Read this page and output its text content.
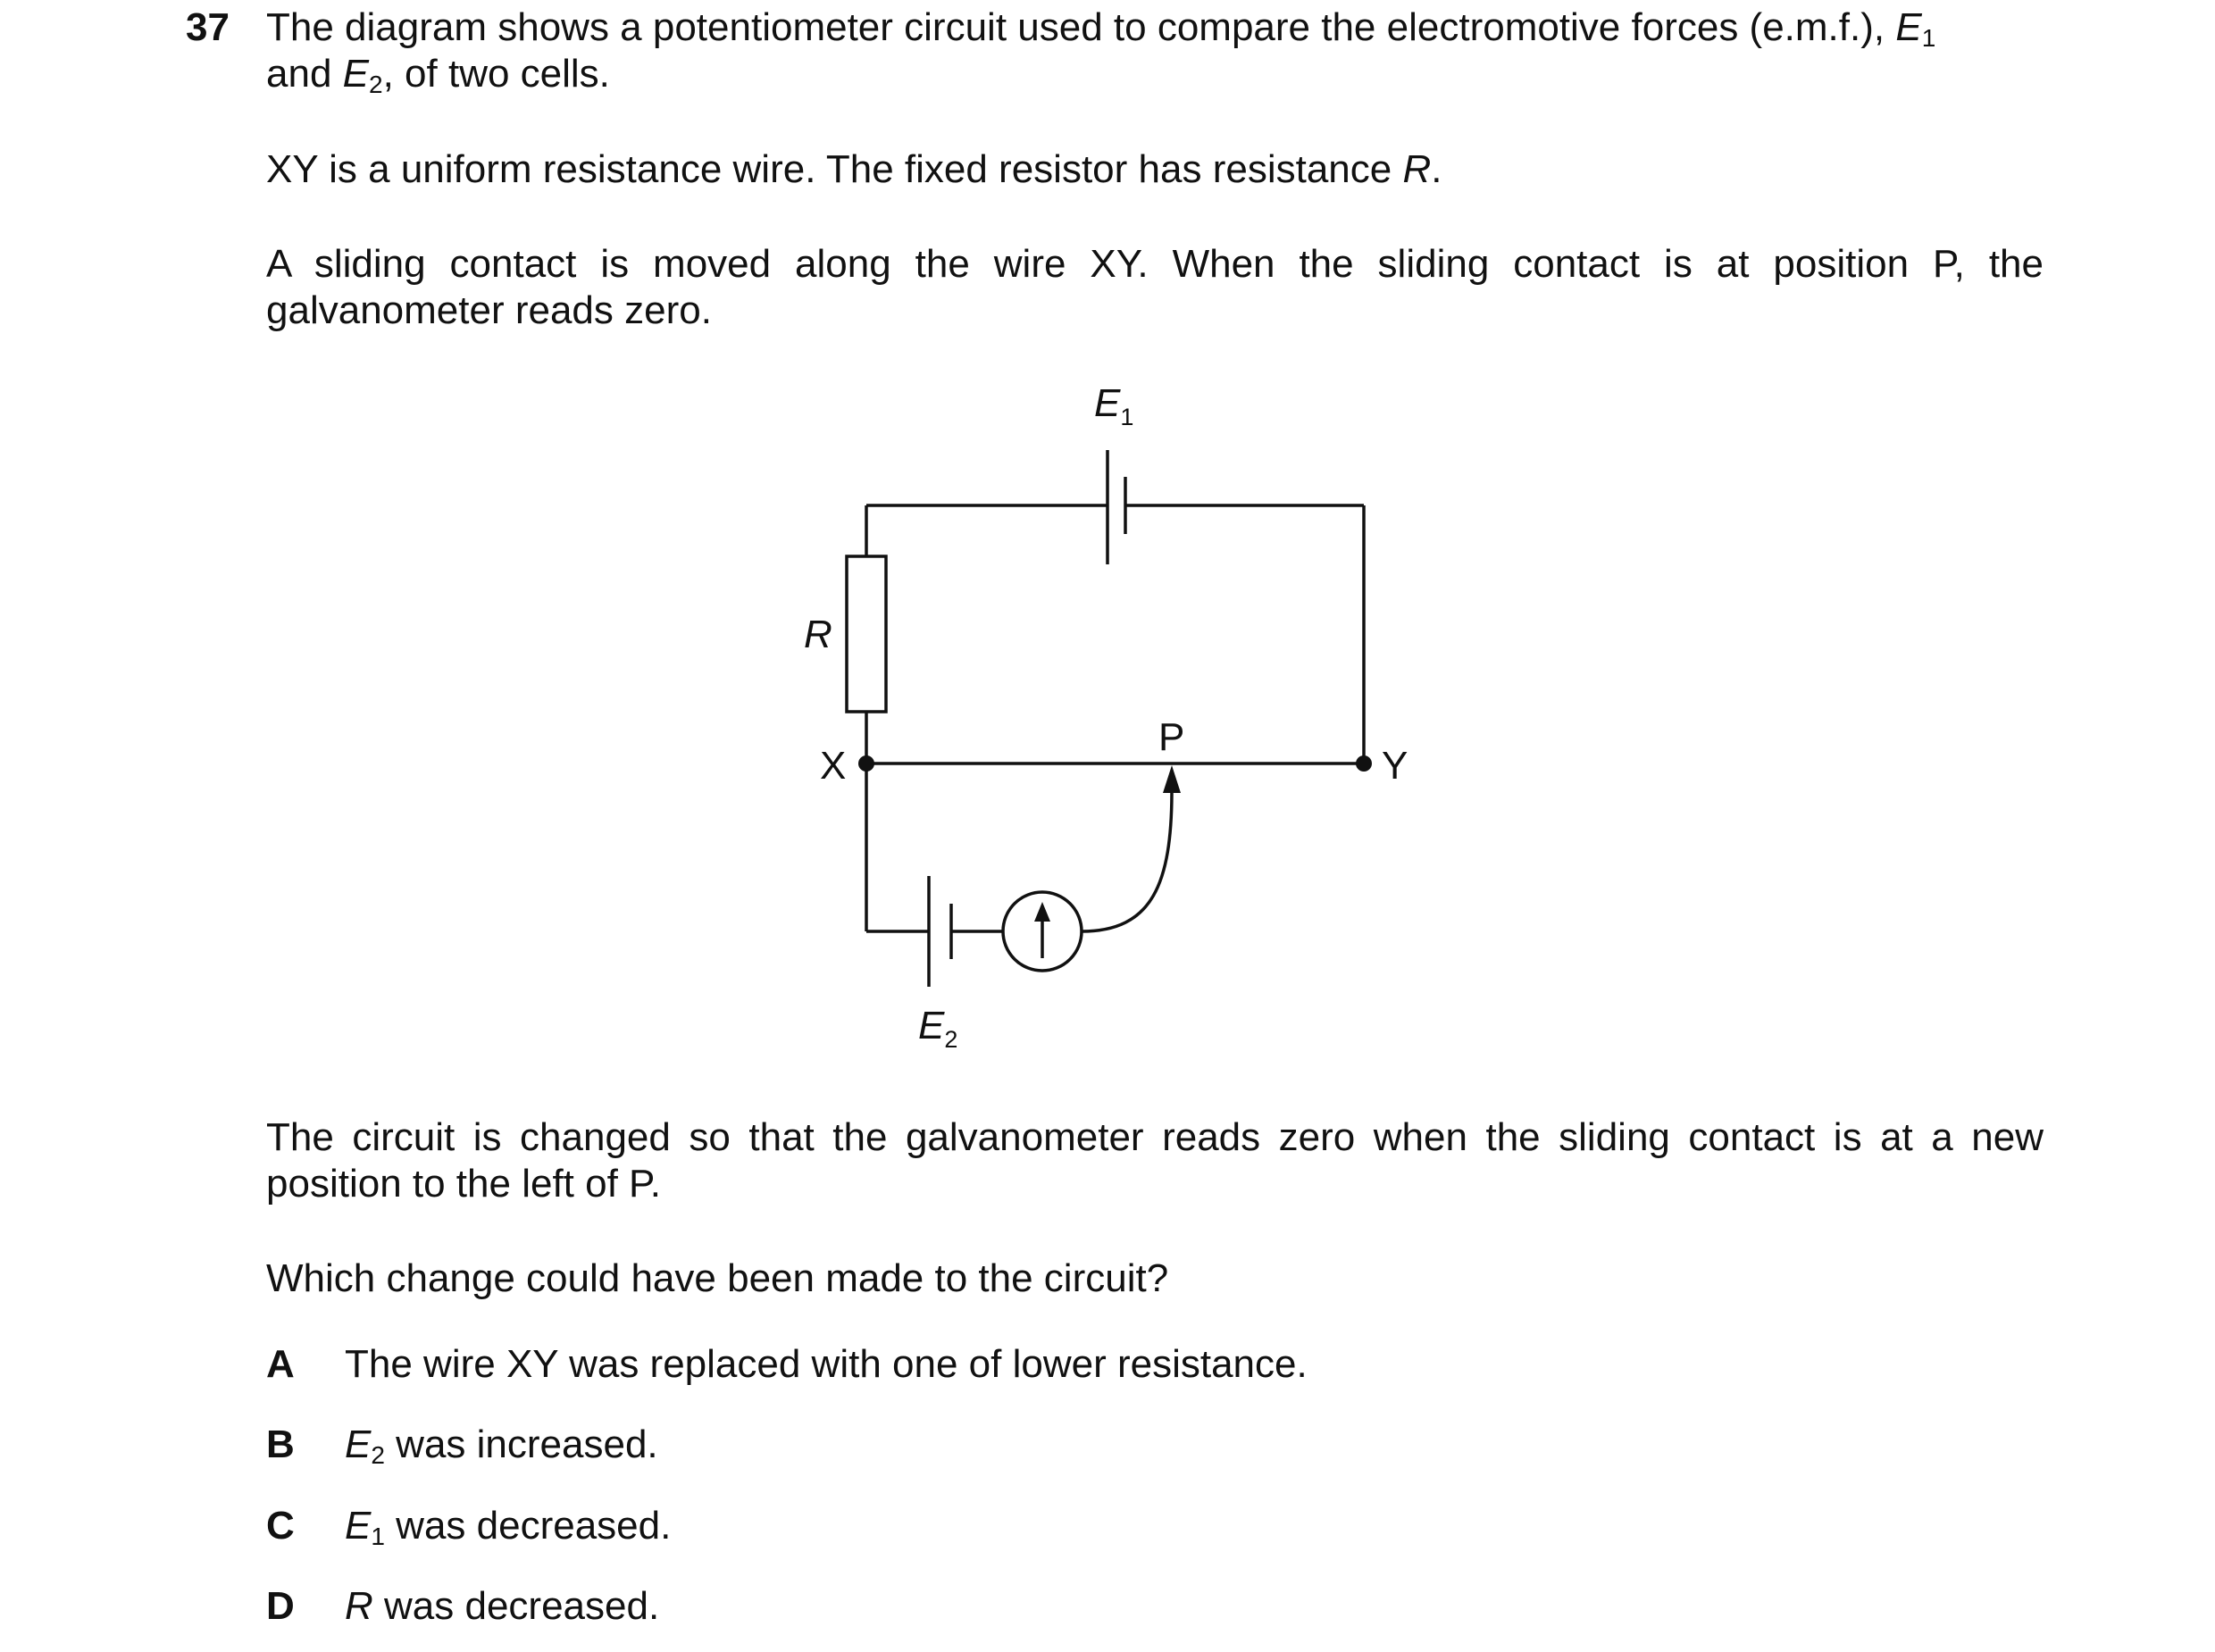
37 The diagram shows a potentiometer circuit used to compare the electromotive forces (e.m.f.), $E_1$
and $E_2$, of two cells.
XY is a uniform resistance wire. The fixed resistor has resistance R.
A sliding contact is moved along the wire XY. When the sliding contact is at position P, the galvanometer reads zero.
$E_1$
R
X	Y
P
$E_2$
The circuit is changed so that the galvanometer reads zero when the sliding contact is at a new position to the left of P.
Which change could have been made to the circuit?
A The wire XY was replaced with one of lower resistance.
B $E_2$ was increased.
C $E_1$ was decreased.
D R was decreased.
